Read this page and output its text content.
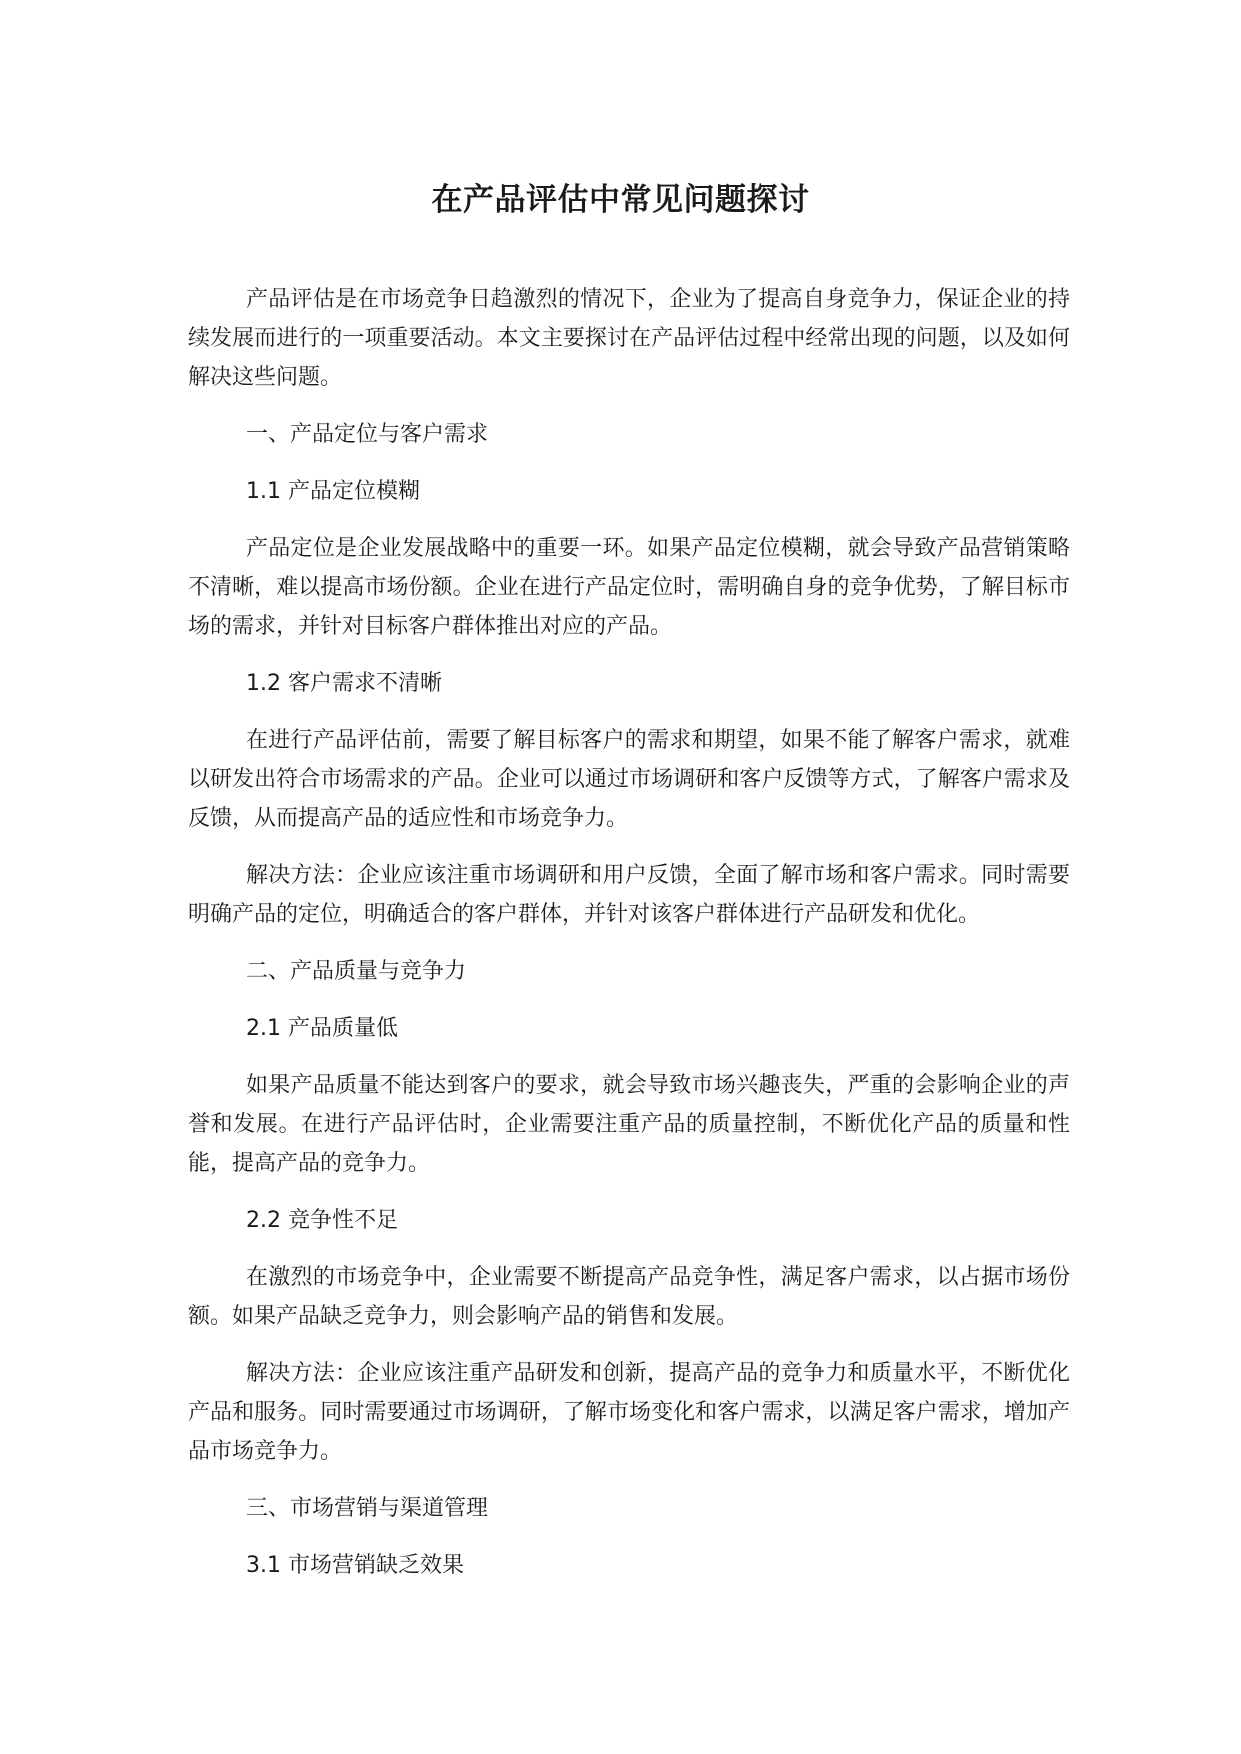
在产品评估中常见问题探讨

产品评估是在市场竞争日趋激烈的情况下，企业为了提高自身竞争力，保证企业的持续发展而进行的一项重要活动。本文主要探讨在产品评估过程中经常出现的问题，以及如何解决这些问题。

一、产品定位与客户需求

1.1 产品定位模糊

产品定位是企业发展战略中的重要一环。如果产品定位模糊，就会导致产品营销策略不清晰，难以提高市场份额。企业在进行产品定位时，需明确自身的竞争优势，了解目标市场的需求，并针对目标客户群体推出对应的产品。

1.2 客户需求不清晰

在进行产品评估前，需要了解目标客户的需求和期望，如果不能了解客户需求，就难以研发出符合市场需求的产品。企业可以通过市场调研和客户反馈等方式，了解客户需求及反馈，从而提高产品的适应性和市场竞争力。

解决方法：企业应该注重市场调研和用户反馈，全面了解市场和客户需求。同时需要明确产品的定位，明确适合的客户群体，并针对该客户群体进行产品研发和优化。

二、产品质量与竞争力

2.1 产品质量低

如果产品质量不能达到客户的要求，就会导致市场兴趣丧失，严重的会影响企业的声誉和发展。在进行产品评估时，企业需要注重产品的质量控制，不断优化产品的质量和性能，提高产品的竞争力。

2.2 竞争性不足

在激烈的市场竞争中，企业需要不断提高产品竞争性，满足客户需求，以占据市场份额。如果产品缺乏竞争力，则会影响产品的销售和发展。

解决方法：企业应该注重产品研发和创新，提高产品的竞争力和质量水平，不断优化产品和服务。同时需要通过市场调研，了解市场变化和客户需求，以满足客户需求，增加产品市场竞争力。

三、市场营销与渠道管理

3.1 市场营销缺乏效果
